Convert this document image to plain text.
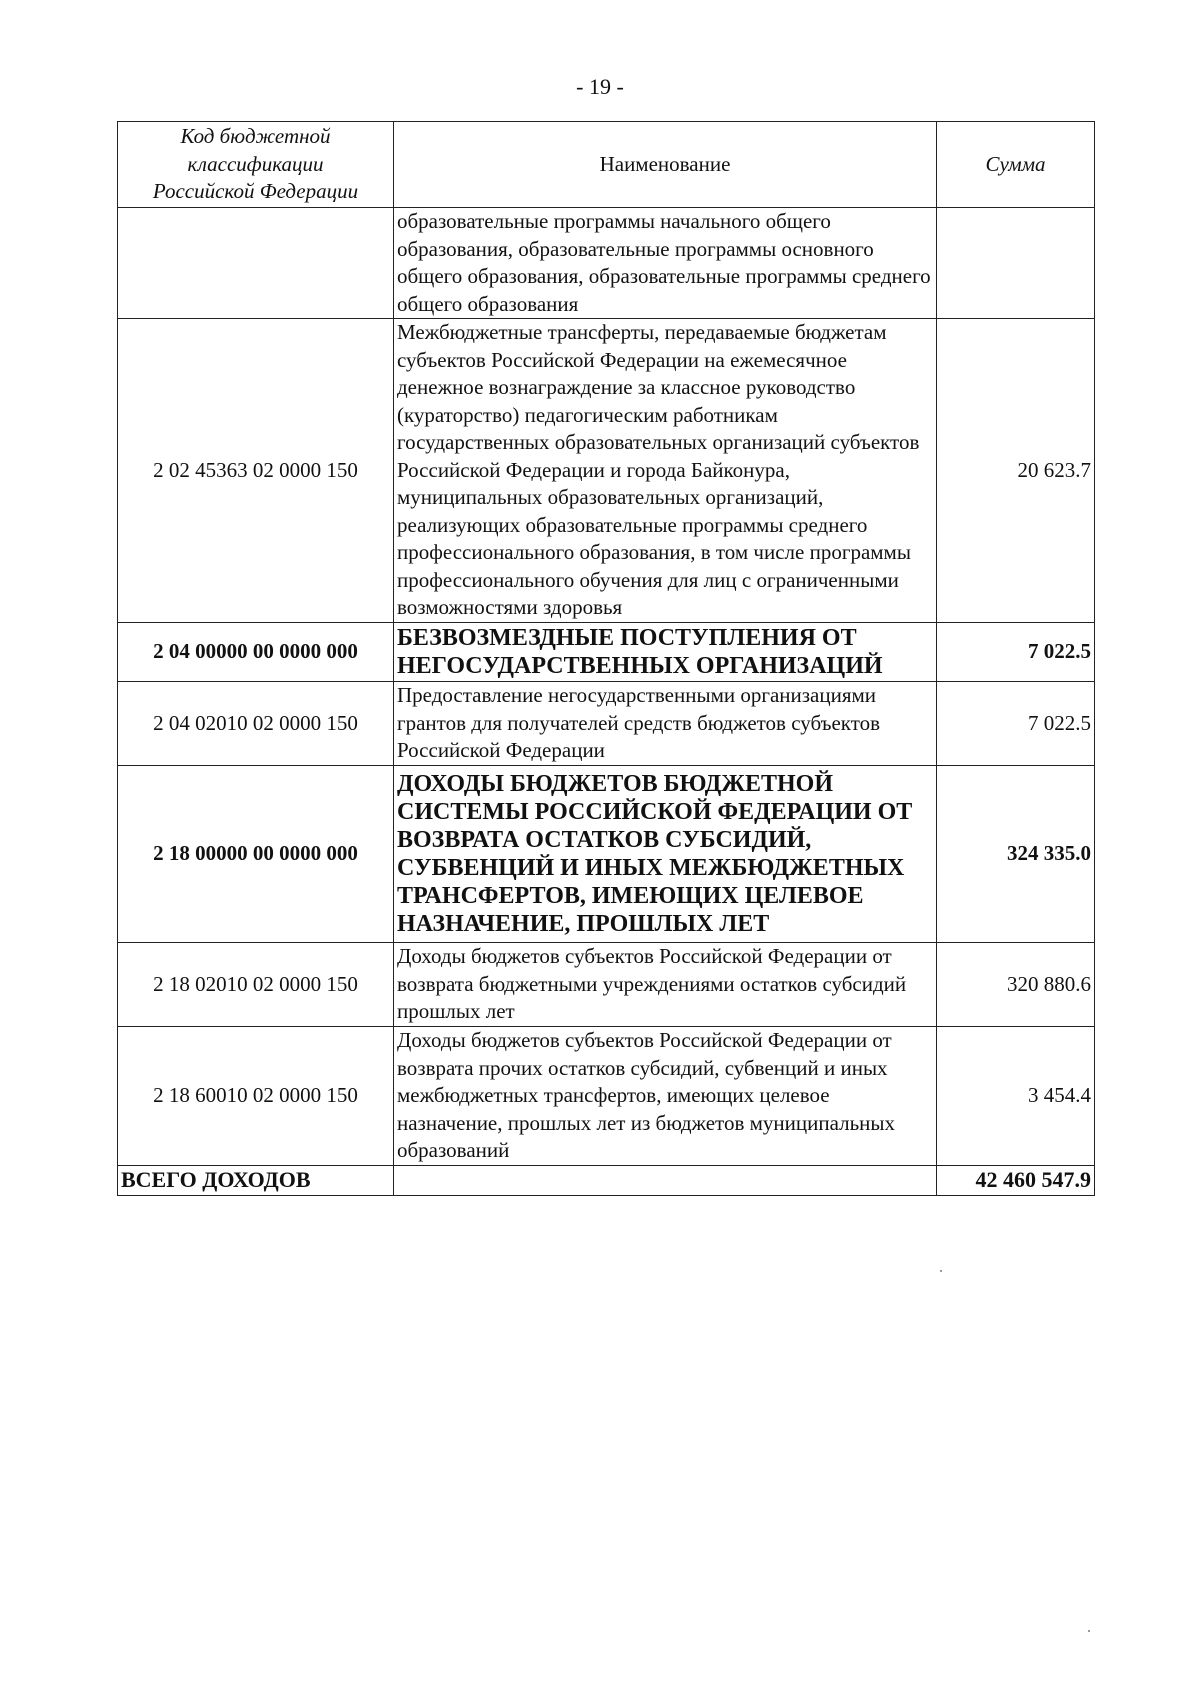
- 19 -
Код бюджетной
классификации
Российской Федерации	Наименование	Сумма
	образовательные программы начального общего образования, образовательные программы основного общего образования, образовательные программы среднего общего образования	
2 02 45363 02 0000 150	Межбюджетные трансферты, передаваемые бюджетам субъектов Российской Федерации на ежемесячное денежное вознаграждение за классное руководство (кураторство) педагогическим работникам государственных образовательных организаций субъектов Российской Федерации и города Байконура, муниципальных образовательных организаций, реализующих образовательные программы среднего профессионального образования, в том числе программы профессионального обучения для лиц с ограниченными возможностями здоровья	20 623.7
2 04 00000 00 0000 000	БЕЗВОЗМЕЗДНЫЕ ПОСТУПЛЕНИЯ ОТ НЕГОСУДАРСТВЕННЫХ ОРГАНИЗАЦИЙ	7 022.5
2 04 02010 02 0000 150	Предоставление негосударственными организациями грантов для получателей средств бюджетов субъектов Российской Федерации	7 022.5
2 18 00000 00 0000 000	ДОХОДЫ БЮДЖЕТОВ БЮДЖЕТНОЙ СИСТЕМЫ РОССИЙСКОЙ ФЕДЕРАЦИИ ОТ ВОЗВРАТА ОСТАТКОВ СУБСИДИЙ, СУБВЕНЦИЙ И ИНЫХ МЕЖБЮДЖЕТНЫХ ТРАНСФЕРТОВ, ИМЕЮЩИХ ЦЕЛЕВОЕ НАЗНАЧЕНИЕ, ПРОШЛЫХ ЛЕТ	324 335.0
2 18 02010 02 0000 150	Доходы бюджетов субъектов Российской Федерации от возврата бюджетными учреждениями остатков субсидий прошлых лет	320 880.6
2 18 60010 02 0000 150	Доходы бюджетов субъектов Российской Федерации от возврата прочих остатков субсидий, субвенций и иных межбюджетных трансфертов, имеющих целевое назначение, прошлых лет из бюджетов муниципальных образований	3 454.4
ВСЕГО ДОХОДОВ		42 460 547.9
